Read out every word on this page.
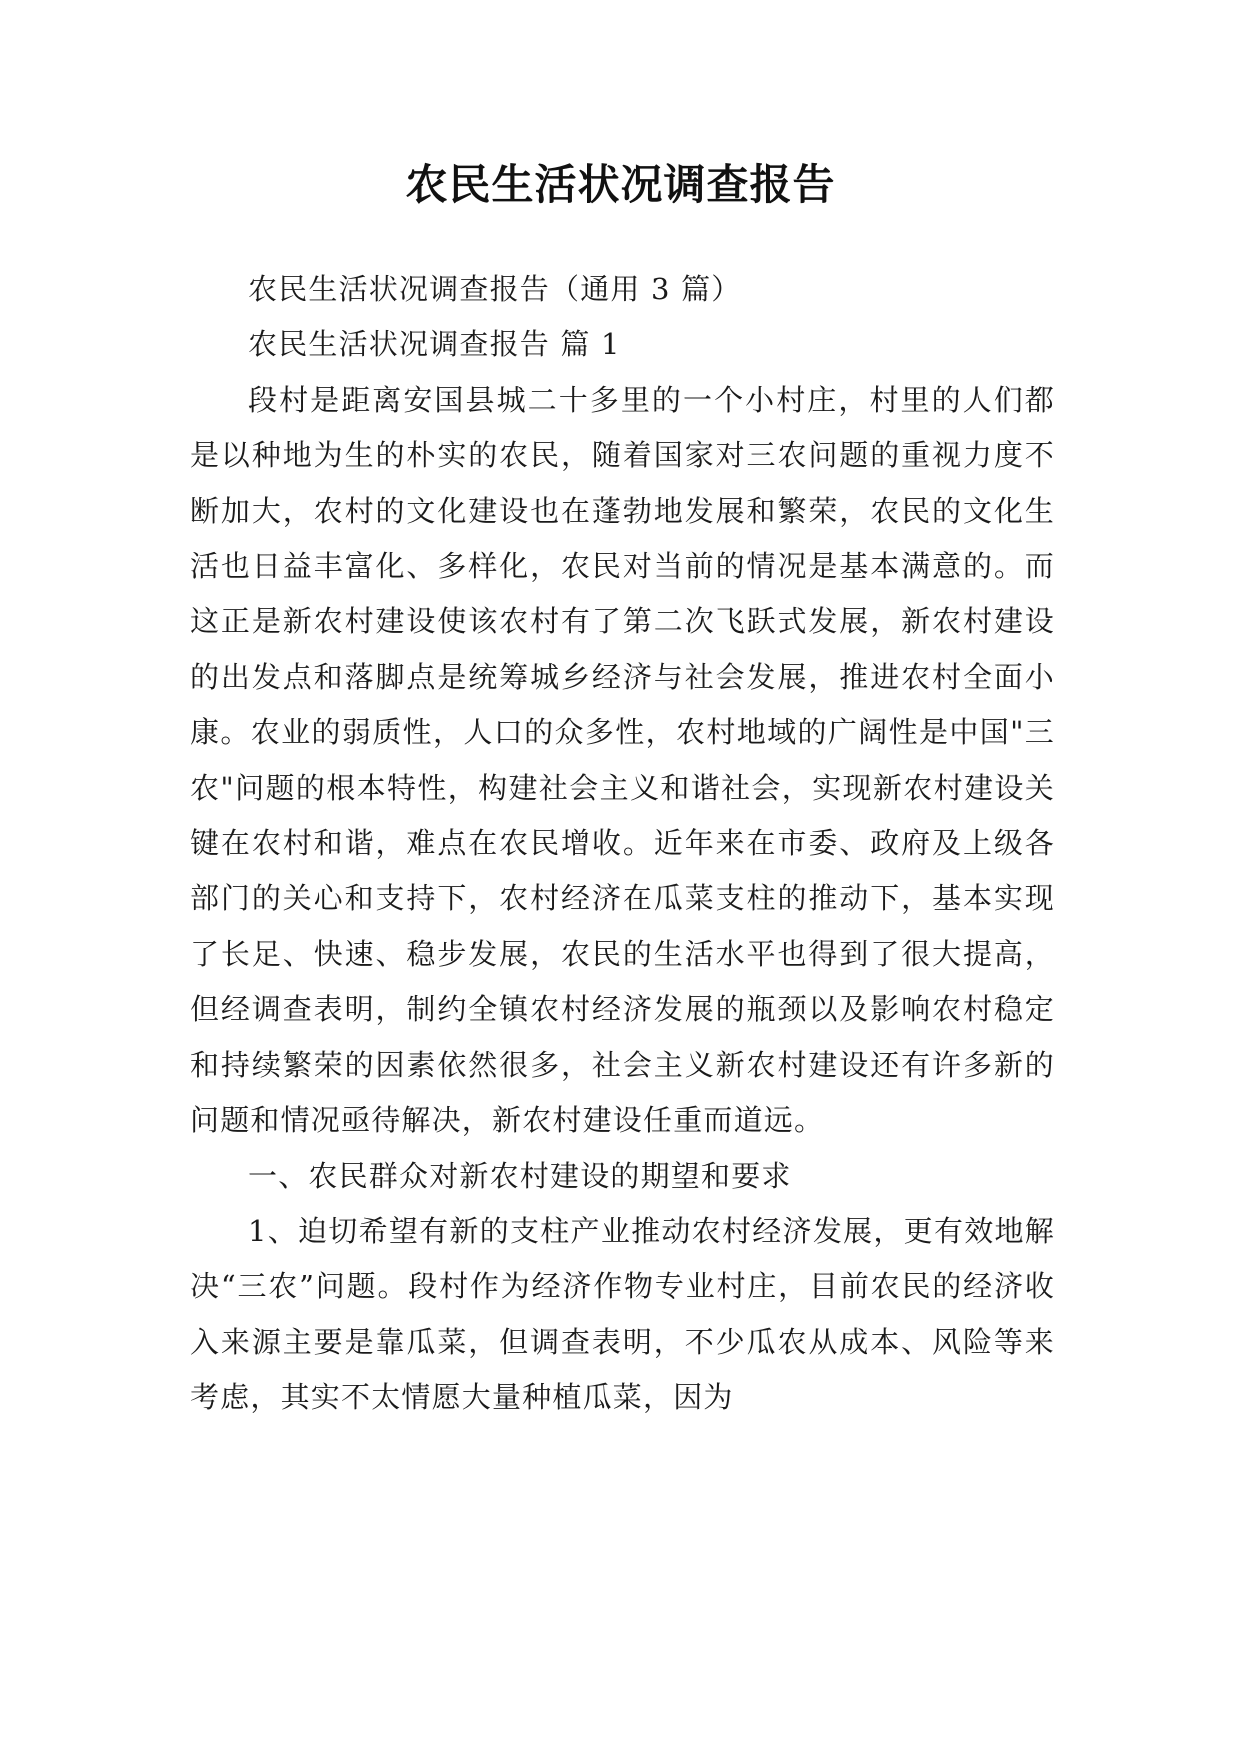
农民生活状况调查报告

农民生活状况调查报告（通用 3 篇）

农民生活状况调查报告 篇 1

段村是距离安国县城二十多里的一个小村庄，村里的人们都是以种地为生的朴实的农民，随着国家对三农问题的重视力度不断加大，农村的文化建设也在蓬勃地发展和繁荣，农民的文化生活也日益丰富化、多样化，农民对当前的情况是基本满意的。而这正是新农村建设使该农村有了第二次飞跃式发展，新农村建设的出发点和落脚点是统筹城乡经济与社会发展，推进农村全面小康。农业的弱质性，人口的众多性，农村地域的广阔性是中国"三农"问题的根本特性，构建社会主义和谐社会，实现新农村建设关键在农村和谐，难点在农民增收。近年来在市委、政府及上级各部门的关心和支持下，农村经济在瓜菜支柱的推动下，基本实现了长足、快速、稳步发展，农民的生活水平也得到了很大提高，但经调查表明，制约全镇农村经济发展的瓶颈以及影响农村稳定和持续繁荣的因素依然很多，社会主义新农村建设还有许多新的问题和情况亟待解决，新农村建设任重而道远。

一、农民群众对新农村建设的期望和要求

1、迫切希望有新的支柱产业推动农村经济发展，更有效地解决“三农”问题。段村作为经济作物专业村庄，目前农民的经济收入来源主要是靠瓜菜，但调查表明，不少瓜农从成本、风险等来考虑，其实不太情愿大量种植瓜菜，因为
